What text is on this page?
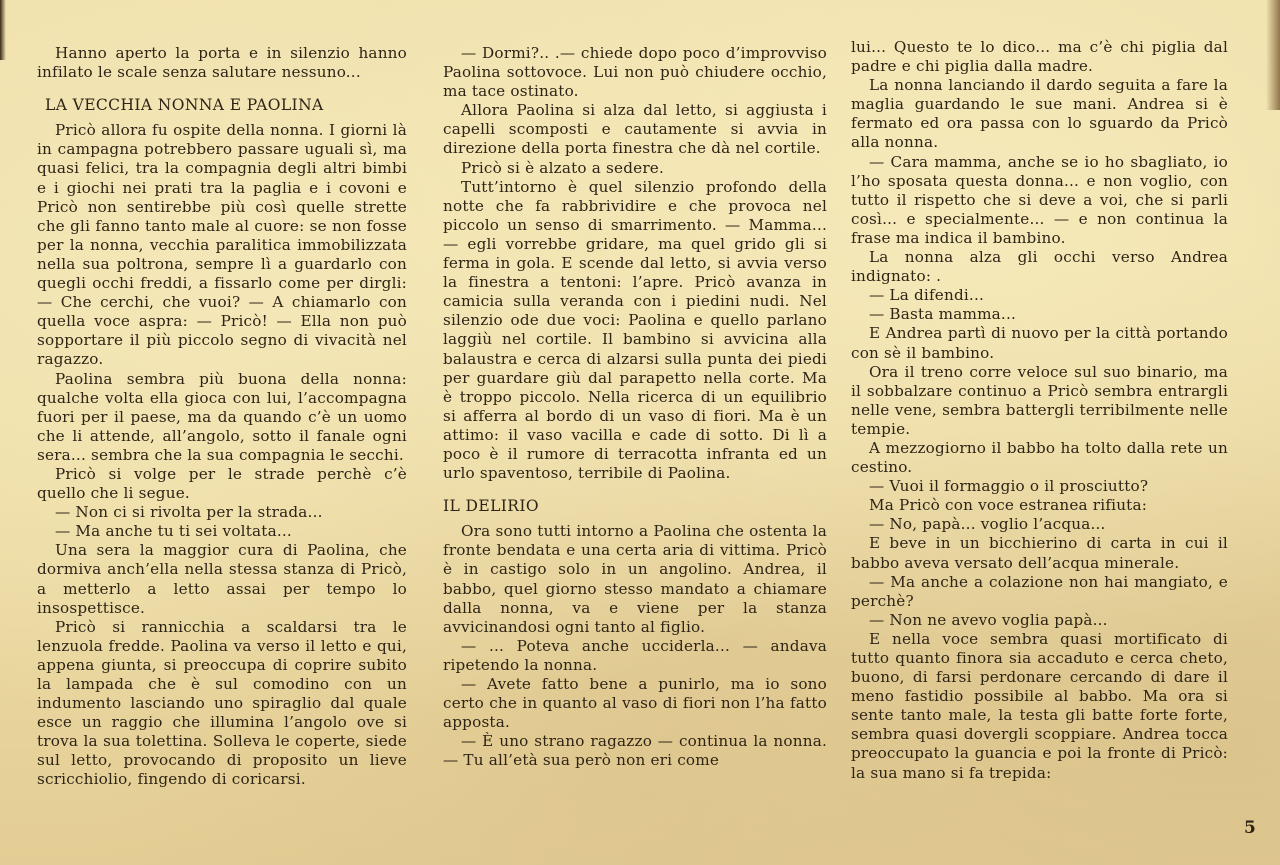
Hanno aperto la porta e in silenzio hanno infilato le scale senza salutare nessuno...

LA VECCHIA NONNA E PAOLINA

Pricò allora fu ospite della nonna. I giorni là in campagna potrebbero passare uguali sì, ma quasi felici, tra la compagnia degli altri bimbi e i giochi nei prati tra la paglia e i covoni e Pricò non sentirebbe più così quelle strette che gli fanno tanto male al cuore: se non fosse per la nonna, vecchia paralitica immobilizzata nella sua poltrona, sempre lì a guardarlo con quegli occhi freddi, a fissarlo come per dirgli: — Che cerchi, che vuoi? — A chiamarlo con quella voce aspra: — Pricò! — Ella non può sopportare il più piccolo segno di vivacità nel ragazzo.

Paolina sembra più buona della nonna: qualche volta ella gioca con lui, l’accompagna fuori per il paese, ma da quando c’è un uomo che li attende, all’angolo, sotto il fanale ogni sera... sembra che la sua compagnia le secchi.

Pricò si volge per le strade perchè c’è quello che li segue.

— Non ci si rivolta per la strada...

— Ma anche tu ti sei voltata...

Una sera la maggior cura di Paolina, che dormiva anch’ella nella stessa stanza di Pricò, a metterlo a letto assai per tempo lo insospettisce.

Pricò si rannicchia a scaldarsi tra le lenzuola fredde. Paolina va verso il letto e qui, appena giunta, si preoccupa di coprire subito la lampada che è sul comodino con un indumento lasciando uno spiraglio dal quale esce un raggio che illumina l’angolo ove si trova la sua tolettina. Solleva le coperte, siede sul letto, provocando di proposito un lieve scricchiolio, fingendo di coricarsi.

— Dormi?.. .— chiede dopo poco d’improvviso Paolina sottovoce. Lui non può chiudere occhio, ma tace ostinato.

Allora Paolina si alza dal letto, si aggiusta i capelli scomposti e cautamente si avvia in direzione della porta finestra che dà nel cortile.

Pricò si è alzato a sedere.

Tutt’intorno è quel silenzio profondo della notte che fa rabbrividire e che provoca nel piccolo un senso di smarrimento. — Mamma... — egli vorrebbe gridare, ma quel grido gli si ferma in gola. E scende dal letto, si avvia verso la finestra a tentoni: l’apre. Pricò avanza in camicia sulla veranda con i piedini nudi. Nel silenzio ode due voci: Paolina e quello parlano laggiù nel cortile. Il bambino si avvicina alla balaustra e cerca di alzarsi sulla punta dei piedi per guardare giù dal parapetto nella corte. Ma è troppo piccolo. Nella ricerca di un equilibrio si afferra al bordo di un vaso di fiori. Ma è un attimo: il vaso vacilla e cade di sotto. Di lì a poco è il rumore di terracotta infranta ed un urlo spaventoso, terribile di Paolina.

IL DELIRIO

Ora sono tutti intorno a Paolina che ostenta la fronte bendata e una certa aria di vittima. Pricò è in castigo solo in un angolino. Andrea, il babbo, quel giorno stesso mandato a chiamare dalla nonna, va e viene per la stanza avvicinandosi ogni tanto al figlio.

— ... Poteva anche ucciderla... — andava ripetendo la nonna.

— Avete fatto bene a punirlo, ma io sono certo che in quanto al vaso di fiori non l’ha fatto apposta.

— È uno strano ragazzo — continua la nonna. — Tu all’età sua però non eri come

lui... Questo te lo dico... ma c’è chi piglia dal padre e chi piglia dalla madre.

La nonna lanciando il dardo seguita a fare la maglia guardando le sue mani. Andrea si è fermato ed ora passa con lo sguardo da Pricò alla nonna.

— Cara mamma, anche se io ho sbagliato, io l’ho sposata questa donna... e non voglio, con tutto il rispetto che si deve a voi, che si parli così... e specialmente... — e non continua la frase ma indica il bambino.

La nonna alza gli occhi verso Andrea indignato: .

— La difendi...

— Basta mamma...

E Andrea partì di nuovo per la città portando con sè il bambino.

Ora il treno corre veloce sul suo binario, ma il sobbalzare continuo a Pricò sembra entrargli nelle vene, sembra battergli terribilmente nelle tempie.

A mezzogiorno il babbo ha tolto dalla rete un cestino.

— Vuoi il formaggio o il prosciutto?

Ma Pricò con voce estranea rifiuta:

— No, papà... voglio l’acqua...

E beve in un bicchierino di carta in cui il babbo aveva versato dell’acqua minerale.

— Ma anche a colazione non hai mangiato, e perchè?

— Non ne avevo voglia papà...

E nella voce sembra quasi mortificato di tutto quanto finora sia accaduto e cerca cheto, buono, di farsi perdonare cercando di dare il meno fastidio possibile al babbo. Ma ora si sente tanto male, la testa gli batte forte forte, sembra quasi dovergli scoppiare. Andrea tocca preoccupato la guancia e poi la fronte di Pricò: la sua mano si fa trepida:

5
